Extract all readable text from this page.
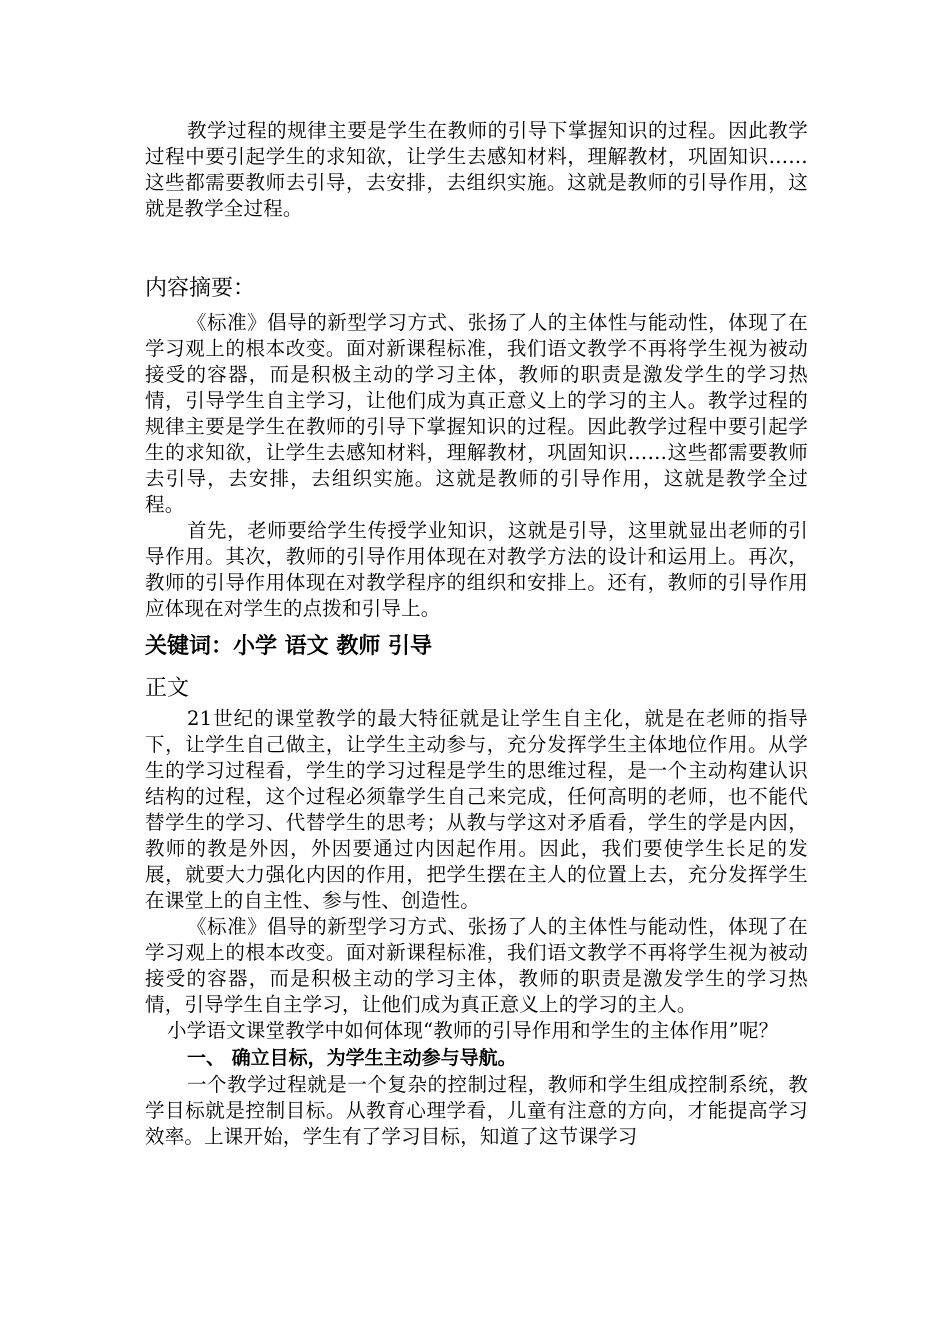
教学过程的规律主要是学生在教师的引导下掌握知识的过程。因此教学过程中要引起学生的求知欲，让学生去感知材料，理解教材，巩固知识……这些都需要教师去引导，去安排，去组织实施。这就是教师的引导作用，这就是教学全过程。

内容摘要：

《标准》倡导的新型学习方式、张扬了人的主体性与能动性，体现了在学习观上的根本改变。面对新课程标准，我们语文教学不再将学生视为被动接受的容器，而是积极主动的学习主体，教师的职责是激发学生的学习热情，引导学生自主学习，让他们成为真正意义上的学习的主人。教学过程的规律主要是学生在教师的引导下掌握知识的过程。因此教学过程中要引起学生的求知欲，让学生去感知材料，理解教材，巩固知识……这些都需要教师去引导，去安排，去组织实施。这就是教师的引导作用，这就是教学全过程。

首先，老师要给学生传授学业知识，这就是引导，这里就显出老师的引导作用。其次，教师的引导作用体现在对教学方法的设计和运用上。再次，教师的引导作用体现在对教学程序的组织和安排上。还有，教师的引导作用应体现在对学生的点拨和引导上。

关键词：小学 语文 教师 引导
正文

21世纪的课堂教学的最大特征就是让学生自主化，就是在老师的指导下，让学生自己做主，让学生主动参与，充分发挥学生主体地位作用。从学生的学习过程看，学生的学习过程是学生的思维过程，是一个主动构建认识结构的过程，这个过程必须靠学生自己来完成，任何高明的老师，也不能代替学生的学习、代替学生的思考；从教与学这对矛盾看，学生的学是内因，教师的教是外因，外因要通过内因起作用。因此，我们要使学生长足的发展，就要大力强化内因的作用，把学生摆在主人的位置上去，充分发挥学生在课堂上的自主性、参与性、创造性。

《标准》倡导的新型学习方式、张扬了人的主体性与能动性，体现了在学习观上的根本改变。面对新课程标准，我们语文教学不再将学生视为被动接受的容器，而是积极主动的学习主体，教师的职责是激发学生的学习热情，引导学生自主学习，让他们成为真正意义上的学习的主人。

小学语文课堂教学中如何体现“教师的引导作用和学生的主体作用”呢？

一、 确立目标，为学生主动参与导航。

一个教学过程就是一个复杂的控制过程，教师和学生组成控制系统，教学目标就是控制目标。从教育心理学看，儿童有注意的方向，才能提高学习效率。上课开始，学生有了学习目标，知道了这节课学习
